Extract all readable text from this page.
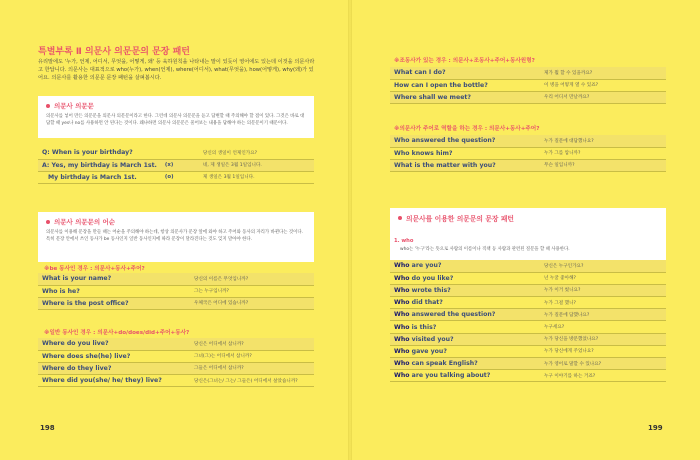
특별부록 Ⅱ 의문사 의문문의 문장 패턴
유리말에도 '누가, 언제, 어디서, 무엇을, 어떻게, 왜' 등 육하원칙을 나타내는 말이 있듯이 영어에도 있는데 이것을 의문사라고 한답니다. 의문사는 대표적으로 who(누가), when(언제), where(어디서), what(무엇을), how(어떻게), why(왜)가 있어요. 의문사를 활용한 의문문 문장 패턴을 살펴봅시다.
의문사 의문문
의문사를 넣어 만든 의문문을 의문사 의문문이라고 한다. 그런데 의문사 의문문을 듣고 답변할 때 주의해야 할 점이 있다. 그것은 바로 대답할 때 yes나 no를 사용하면 안 된다는 것이다. 왜냐하면 의문사 의문문은 물어보는 내용을 답해야 하는 의문문이기 때문이다.
Q: When is your birthday?		당신의 생일이 언제인가요?
A: Yes, my birthday is March 1st.	(x)	네, 제 생일은 3월 1일입니다.
My birthday is March 1st.	(o)	제 생일은 3월 1일입니다.
의문사 의문문의 어순
의문사를 이용해 문장을 만들 때는 어순을 주의해야 하는데, 항상 의문사가 문장 앞에 와야 하고 주어와 동사의 자리가 바뀐다는 것이다. 특히 문장 안에서 쓰인 동사가 be 동사인지 일반 동사인지에 따라 문장이 달라진다는 것도 잊지 말아야 한다.
※be 동사인 경우 : 의문사+동사+주어?
What is your name?	당신의 이름은 무엇입니까?
Who is he?	그는 누구입니까?
Where is the post office?	우체국은 어디에 있습니까?
※일반 동사인 경우 : 의문사+do/does/did+주어+동사?
Where do you live?	당신은 어디에서 삽니까?
Where does she(he) live?	그녀(그)는 어디에서 삽니까?
Where do they live?	그들은 어디에서 삽니까?
Where did you(she/ he/ they) live?	당신은(그녀는/ 그는/ 그들은) 어디에서 살았습니까?
198
※조동사가 있는 경우 : 의문사+조동사+주어+동사원형?
What can I do?	제가 뭘 할 수 있을까요?
How can I open the bottle?	이 병을 어떻게 열 수 있죠?
Where shall we meet?	우리 어디서 만날까요?
※의문사가 주어로 역할을 하는 경우 : 의문사+동사+주어?
Who answered the question?	누가 질문에 대답했나요?
Who knows him?	누가 그를 압니까?
What is the matter with you?	무슨 일입니까?
의문사를 이용한 의문문의 문장 패턴
1. who
who는 '누구'라는 뜻으로 사람의 이름이나 직책 등 사람과 관련된 질문을 할 때 사용한다.
Who are you?	당신은 누구인가요?
Who do you like?	넌 누굴 좋아해?
Who wrote this?	누가 이거 썼니요?
Who did that?	누가 그걸 했니?
Who answered the question?	누가 질문에 답했나요?
Who is this?	누구세요?
Who visited you?	누가 당신을 방문했었나요?
Who gave you?	누가 당신에게 주었나요?
Who can speak English?	누가 영어로 말할 수 있나요?
Who are you talking about?	누구 이야기를 하는 거죠?
199
